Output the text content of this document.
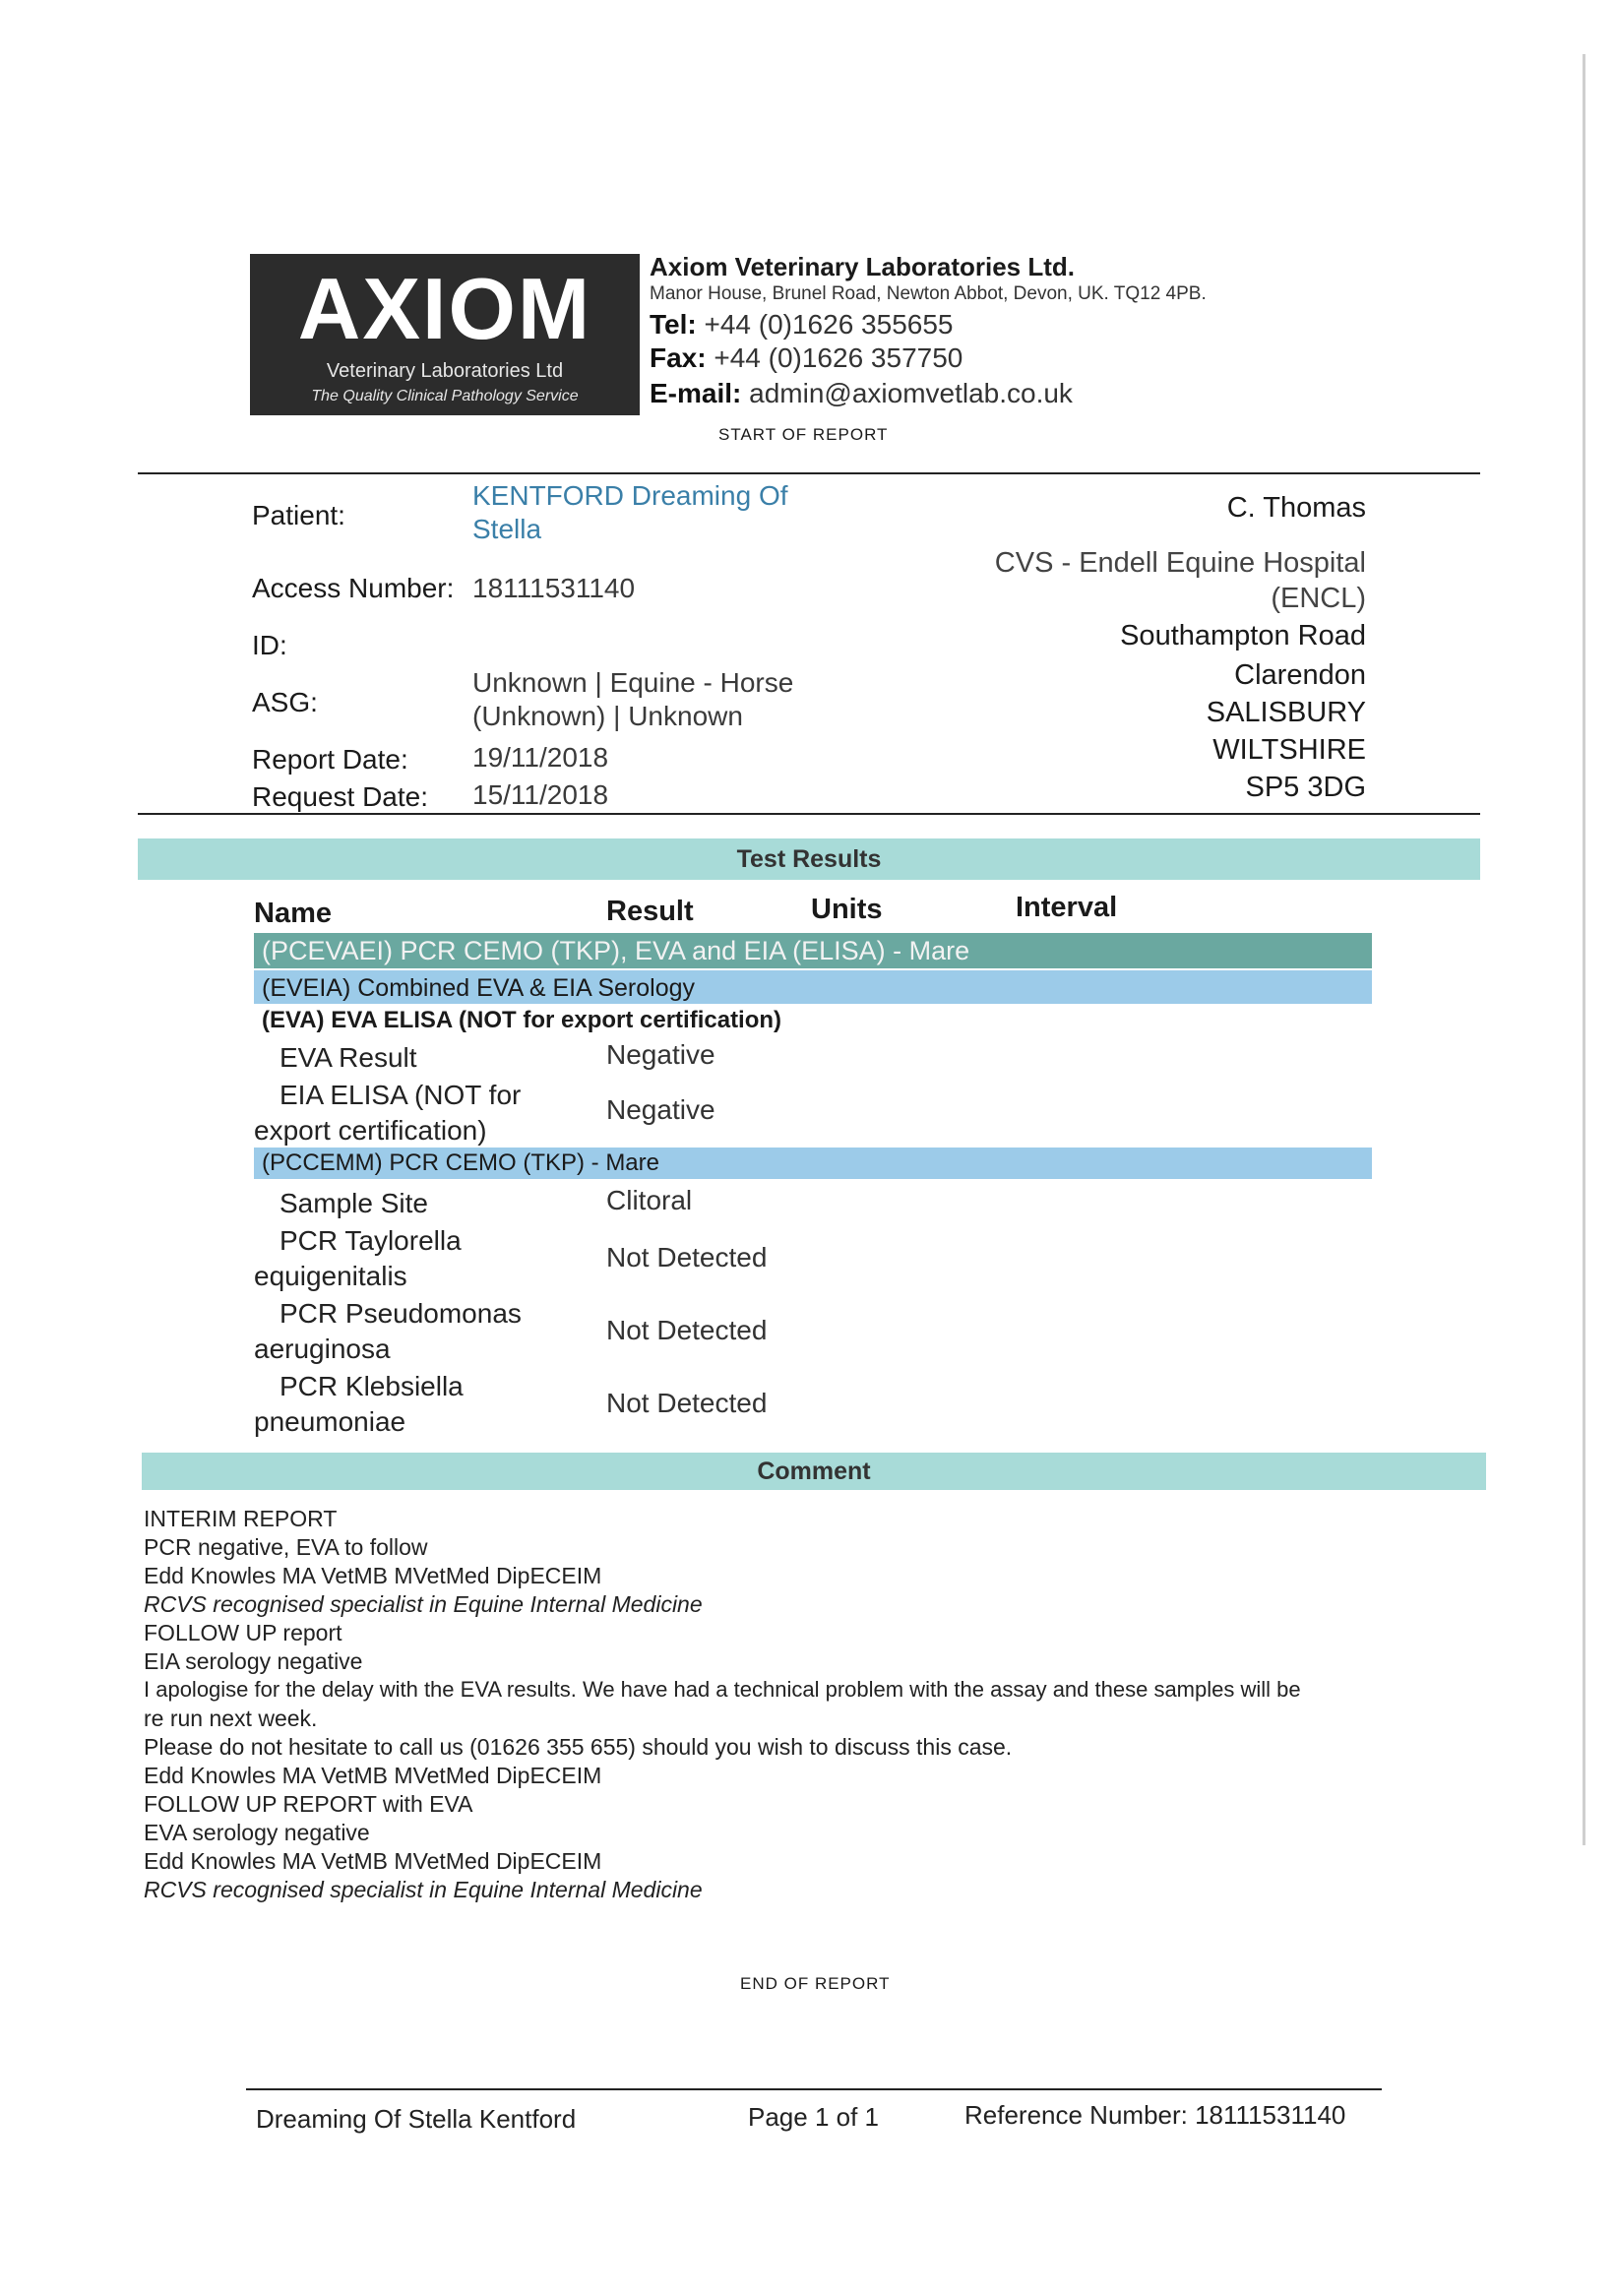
AXIOM
Veterinary Laboratories Ltd
The Quality Clinical Pathology Service
Axiom Veterinary Laboratories Ltd.
Manor House, Brunel Road, Newton Abbot, Devon, UK. TQ12 4PB.
Tel: +44 (0)1626 355655
Fax: +44 (0)1626 357750
E-mail: admin@axiomvetlab.co.uk
START OF REPORT
Patient:
KENTFORD Dreaming Of
Stella
Access Number: 18111531140
ID:
ASG:
Unknown | Equine - Horse
(Unknown) | Unknown
Report Date: 19/11/2018
Request Date: 15/11/2018
C. Thomas
CVS - Endell Equine Hospital
(ENCL)
Southampton Road
Clarendon
SALISBURY
WILTSHIRE
SP5 3DG
Test Results
Name	Result	Units	Interval
(PCEVAEI) PCR CEMO (TKP), EVA and EIA (ELISA) - Mare
(EVEIA) Combined EVA & EIA Serology
(EVA) EVA ELISA (NOT for export certification)
EVA Result	Negative
EIA ELISA (NOT for
export certification)
Negative
(PCCEMM) PCR CEMO (TKP) - Mare
Sample Site	Clitoral
PCR Taylorella
equigenitalis
Not Detected
PCR Pseudomonas
aeruginosa
Not Detected
PCR Klebsiella
pneumoniae
Not Detected
Comment
INTERIM REPORT
PCR negative, EVA to follow
Edd Knowles MA VetMB MVetMed DipECEIM
RCVS recognised specialist in Equine Internal Medicine
FOLLOW UP report
EIA serology negative
I apologise for the delay with the EVA results. We have had a technical problem with the assay and these samples will be
re run next week.
Please do not hesitate to call us (01626 355 655) should you wish to discuss this case.
Edd Knowles MA VetMB MVetMed DipECEIM
FOLLOW UP REPORT with EVA
EVA serology negative
Edd Knowles MA VetMB MVetMed DipECEIM
RCVS recognised specialist in Equine Internal Medicine
END OF REPORT
Dreaming Of Stella Kentford	Page 1 of 1	Reference Number: 18111531140
